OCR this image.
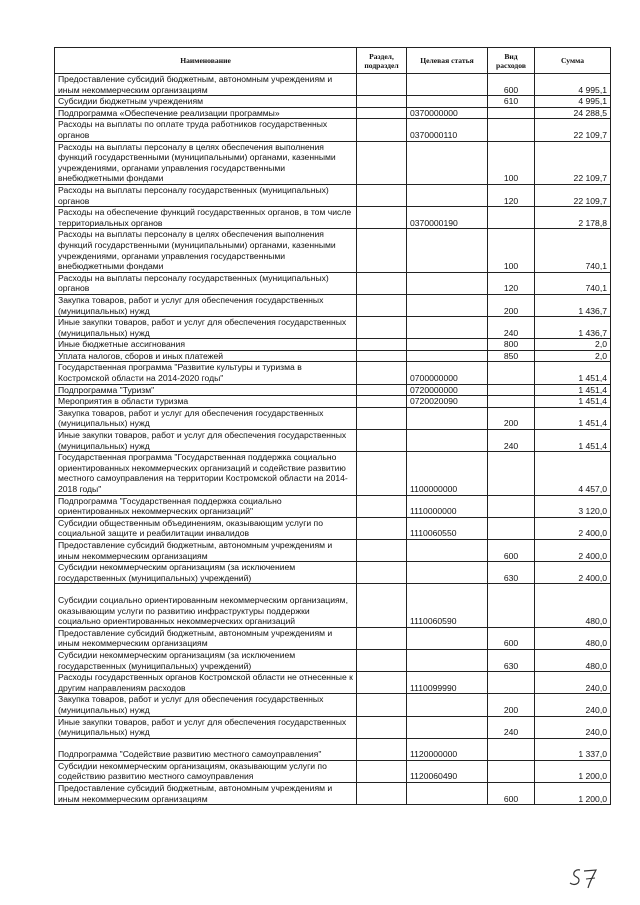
Наименование	Раздел, подраздел	Целевая статья	Вид расходов	Сумма
Предоставление субсидий бюджетным, автономным учреждениям и иным некоммерческим организациям			600	4 995,1
Субсидии бюджетным учреждениям			610	4 995,1
Подпрограмма «Обеспечение реализации программы»		0370000000		24 288,5
Расходы на выплаты по оплате труда работников государственных органов		0370000110		22 109,7
Расходы на выплаты персоналу в целях обеспечения выполнения функций государственными (муниципальными) органами, казенными учреждениями, органами управления государственными внебюджетными фондами			100	22 109,7
Расходы на выплаты персоналу государственных (муниципальных) органов			120	22 109,7
Расходы на обеспечение функций государственных органов, в том числе территориальных органов		0370000190		2 178,8
Расходы на выплаты персоналу в целях обеспечения выполнения функций государственными (муниципальными) органами, казенными учреждениями, органами управления государственными внебюджетными фондами			100	740,1
Расходы на выплаты персоналу государственных (муниципальных) органов			120	740,1
Закупка товаров, работ и услуг для обеспечения государственных (муниципальных) нужд			200	1 436,7
Иные закупки товаров, работ и услуг для обеспечения государственных (муниципальных) нужд			240	1 436,7
Иные бюджетные ассигнования			800	2,0
Уплата налогов, сборов и иных платежей			850	2,0
Государственная программа "Развитие культуры и туризма в Костромской области на 2014-2020 годы"		0700000000		1 451,4
Подпрограмма "Туризм"		0720000000		1 451,4
Мероприятия в области туризма		0720020090		1 451,4
Закупка товаров, работ и услуг для обеспечения государственных (муниципальных) нужд			200	1 451,4
Иные закупки товаров, работ и услуг для обеспечения государственных (муниципальных) нужд			240	1 451,4
Государственная программа "Государственная поддержка социально ориентированных некоммерческих организаций и содействие развитию местного самоуправления на территории Костромской области на 2014-2018 годы"		1100000000		4 457,0
Подпрограмма "Государственная поддержка социально ориентированных некоммерческих организаций"		1110000000		3 120,0
Субсидии общественным объединениям, оказывающим услуги по социальной защите и реабилитации инвалидов		1110060550		2 400,0
Предоставление субсидий бюджетным, автономным учреждениям и иным некоммерческим организациям			600	2 400,0
Субсидии некоммерческим организациям (за исключением государственных (муниципальных) учреждений)			630	2 400,0
Субсидии социально ориентированным некоммерческим организациям, оказывающим услуги по развитию инфраструктуры поддержки социально ориентированных некоммерческих организаций		1110060590		480,0
Предоставление субсидий бюджетным, автономным учреждениям и иным некоммерческим организациям			600	480,0
Субсидии некоммерческим организациям (за исключением государственных (муниципальных) учреждений)			630	480,0
Расходы государственных органов Костромской области не отнесенные к другим направлениям расходов		1110099990		240,0
Закупка товаров, работ и услуг для обеспечения государственных (муниципальных) нужд			200	240,0
Иные закупки товаров, работ и услуг для обеспечения государственных (муниципальных) нужд			240	240,0
Подпрограмма "Содействие развитию местного самоуправления"		1120000000		1 337,0
Субсидии некоммерческим организациям, оказывающим услуги по содействию развитию местного самоуправления		1120060490		1 200,0
Предоставление субсидий бюджетным, автономным учреждениям и иным некоммерческим организациям			600	1 200,0
